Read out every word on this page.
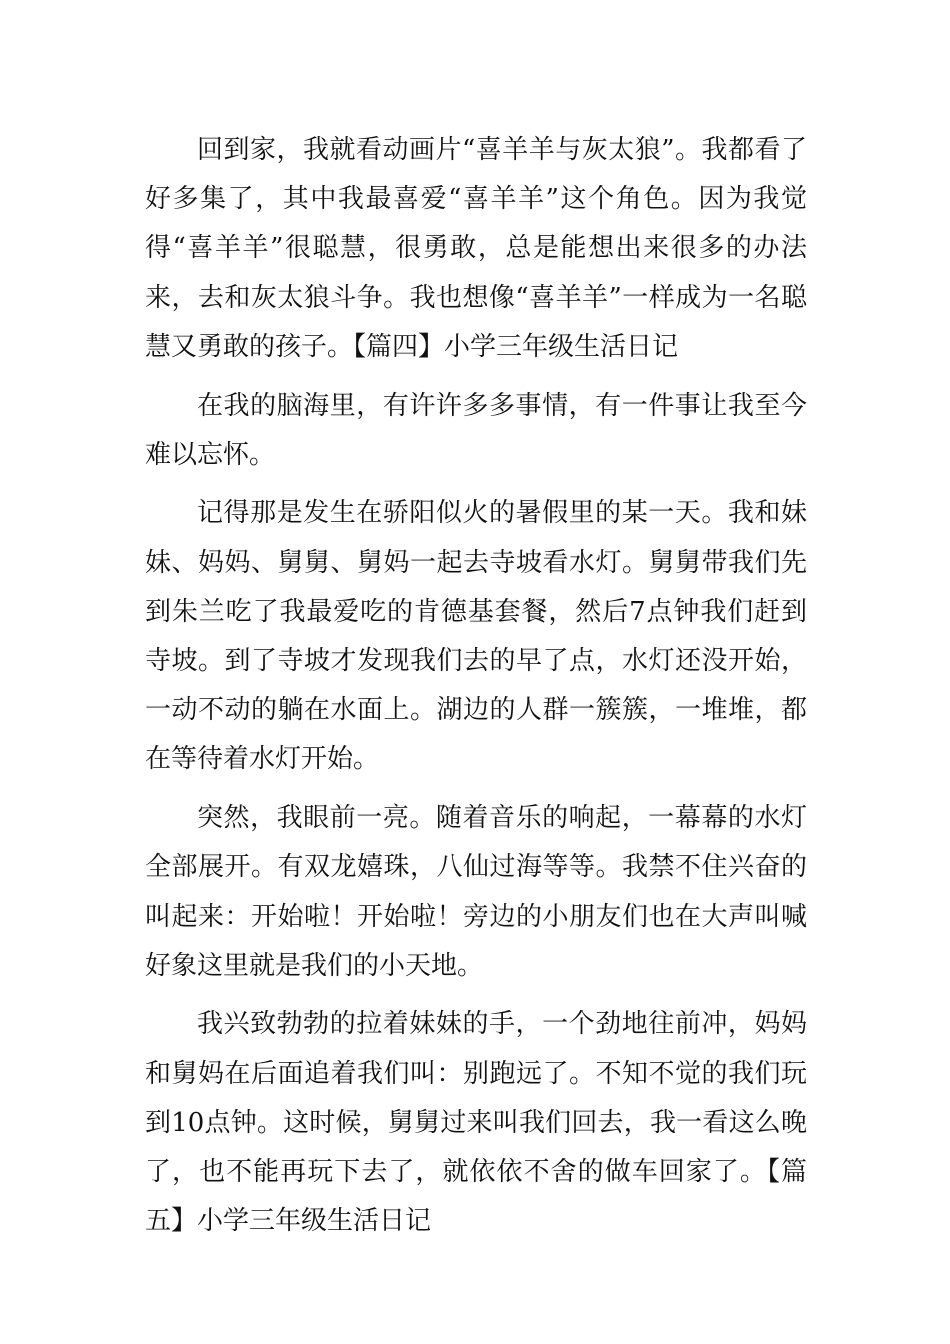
回到家，我就看动画片“喜羊羊与灰太狼”。我都看了好多集了，其中我最喜爱“喜羊羊”这个角色。因为我觉得“喜羊羊”很聪慧，很勇敢，总是能想出来很多的办法来，去和灰太狼斗争。我也想像“喜羊羊”一样成为一名聪慧又勇敢的孩子。【篇四】小学三年级生活日记

在我的脑海里，有许许多多事情，有一件事让我至今难以忘怀。

记得那是发生在骄阳似火的暑假里的某一天。我和妹妹、妈妈、舅舅、舅妈一起去寺坡看水灯。舅舅带我们先到朱兰吃了我最爱吃的肯德基套餐，然后7点钟我们赶到寺坡。到了寺坡才发现我们去的早了点，水灯还没开始，一动不动的躺在水面上。湖边的人群一簇簇，一堆堆，都在等待着水灯开始。

突然，我眼前一亮。随着音乐的响起，一幕幕的水灯全部展开。有双龙嬉珠，八仙过海等等。我禁不住兴奋的叫起来：开始啦！开始啦！旁边的小朋友们也在大声叫喊好象这里就是我们的小天地。

我兴致勃勃的拉着妹妹的手，一个劲地往前冲，妈妈和舅妈在后面追着我们叫：别跑远了。不知不觉的我们玩到10点钟。这时候，舅舅过来叫我们回去，我一看这么晚了，也不能再玩下去了，就依依不舍的做车回家了。【篇五】小学三年级生活日记
